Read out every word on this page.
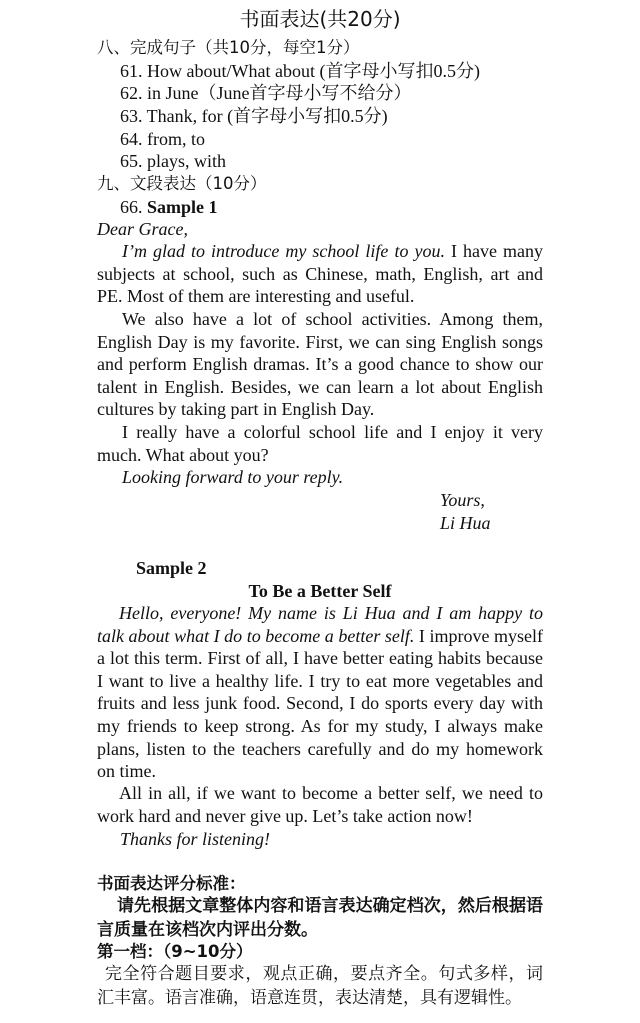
书面表达(共20分)
八、完成句子（共10分，每空1分）
61. How about/What about (首字母小写扣0.5分)
62. in June（June首字母小写不给分）
63. Thank, for (首字母小写扣0.5分)
64. from, to
65. plays, with
九、文段表达（10分）
66. Sample 1
Dear Grace,
I’m glad to introduce my school life to you. I have many subjects at school, such as Chinese, math, English, art and PE. Most of them are interesting and useful.
We also have a lot of school activities. Among them, English Day is my favorite. First, we can sing English songs and perform English dramas. It’s a good chance to show our talent in English. Besides, we can learn a lot about English cultures by taking part in English Day.
I really have a colorful school life and I enjoy it very much. What about you?
Looking forward to your reply.
Yours,
Li Hua
Sample 2
To Be a Better Self
Hello, everyone! My name is Li Hua and I am happy to talk about what I do to become a better self. I improve myself a lot this term. First of all, I have better eating habits because I want to live a healthy life. I try to eat more vegetables and fruits and less junk food. Second, I do sports every day with my friends to keep strong. As for my study, I always make plans, listen to the teachers carefully and do my homework on time.
All in all, if we want to become a better self, we need to work hard and never give up. Let’s take action now!
Thanks for listening!
书面表达评分标准：
请先根据文章整体内容和语言表达确定档次，然后根据语言质量在该档次内评出分数。
第一档：（9~10分）
完全符合题目要求，观点正确，要点齐全。句式多样，词汇丰富。语言准确，语意连贯，表达清楚，具有逻辑性。
